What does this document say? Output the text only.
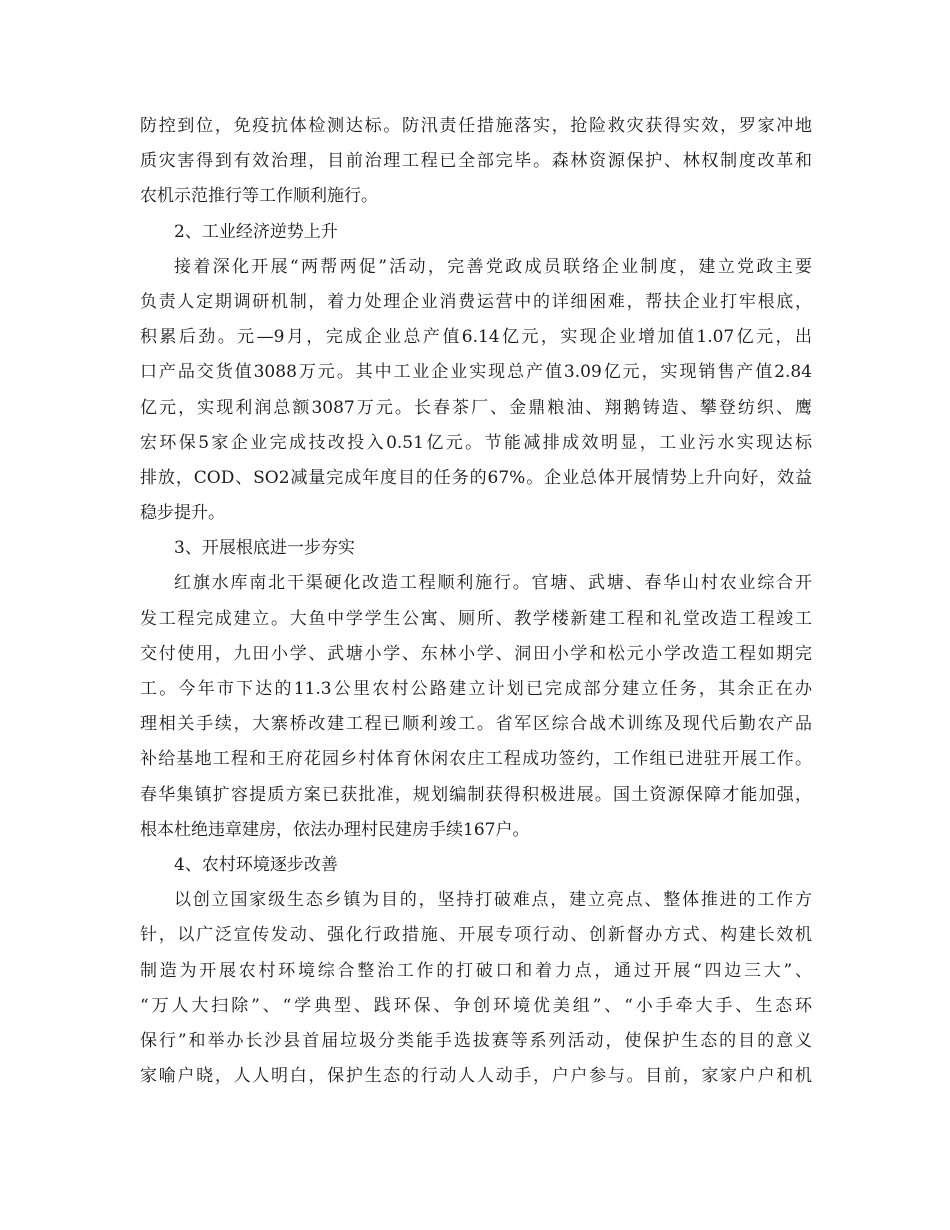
防控到位，免疫抗体检测达标。防汛责任措施落实，抢险救灾获得实效，罗家冲地
质灾害得到有效治理，目前治理工程已全部完毕。森林资源保护、林权制度改革和
农机示范推行等工作顺利施行。
2、工业经济逆势上升
接着深化开展“两帮两促”活动，完善党政成员联络企业制度，建立党政主要
负责人定期调研机制，着力处理企业消费运营中的详细困难，帮扶企业打牢根底，
积累后劲。元—9月，完成企业总产值6.14亿元，实现企业增加值1.07亿元，出
口产品交货值3088万元。其中工业企业实现总产值3.09亿元，实现销售产值2.84
亿元，实现利润总额3087万元。长春茶厂、金鼎粮油、翔鹅铸造、攀登纺织、鹰
宏环保5家企业完成技改投入0.51亿元。节能减排成效明显，工业污水实现达标
排放，COD、SO2减量完成年度目的任务的67%。企业总体开展情势上升向好，效益
稳步提升。
3、开展根底进一步夯实
红旗水库南北干渠硬化改造工程顺利施行。官塘、武塘、春华山村农业综合开
发工程完成建立。大鱼中学学生公寓、厕所、教学楼新建工程和礼堂改造工程竣工
交付使用，九田小学、武塘小学、东林小学、洞田小学和松元小学改造工程如期完
工。今年市下达的11.3公里农村公路建立计划已完成部分建立任务，其余正在办
理相关手续，大寨桥改建工程已顺利竣工。省军区综合战术训练及现代后勤农产品
补给基地工程和王府花园乡村体育休闲农庄工程成功签约，工作组已进驻开展工作。
春华集镇扩容提质方案已获批准，规划编制获得积极进展。国土资源保障才能加强，
根本杜绝违章建房，依法办理村民建房手续167户。
4、农村环境逐步改善
以创立国家级生态乡镇为目的，坚持打破难点，建立亮点、整体推进的工作方
针，以广泛宣传发动、强化行政措施、开展专项行动、创新督办方式、构建长效机
制造为开展农村环境综合整治工作的打破口和着力点，通过开展“四边三大”、
“万人大扫除”、“学典型、践环保、争创环境优美组”、“小手牵大手、生态环
保行”和举办长沙县首届垃圾分类能手选拔赛等系列活动，使保护生态的目的意义
家喻户晓，人人明白，保护生态的行动人人动手，户户参与。目前，家家户户和机
